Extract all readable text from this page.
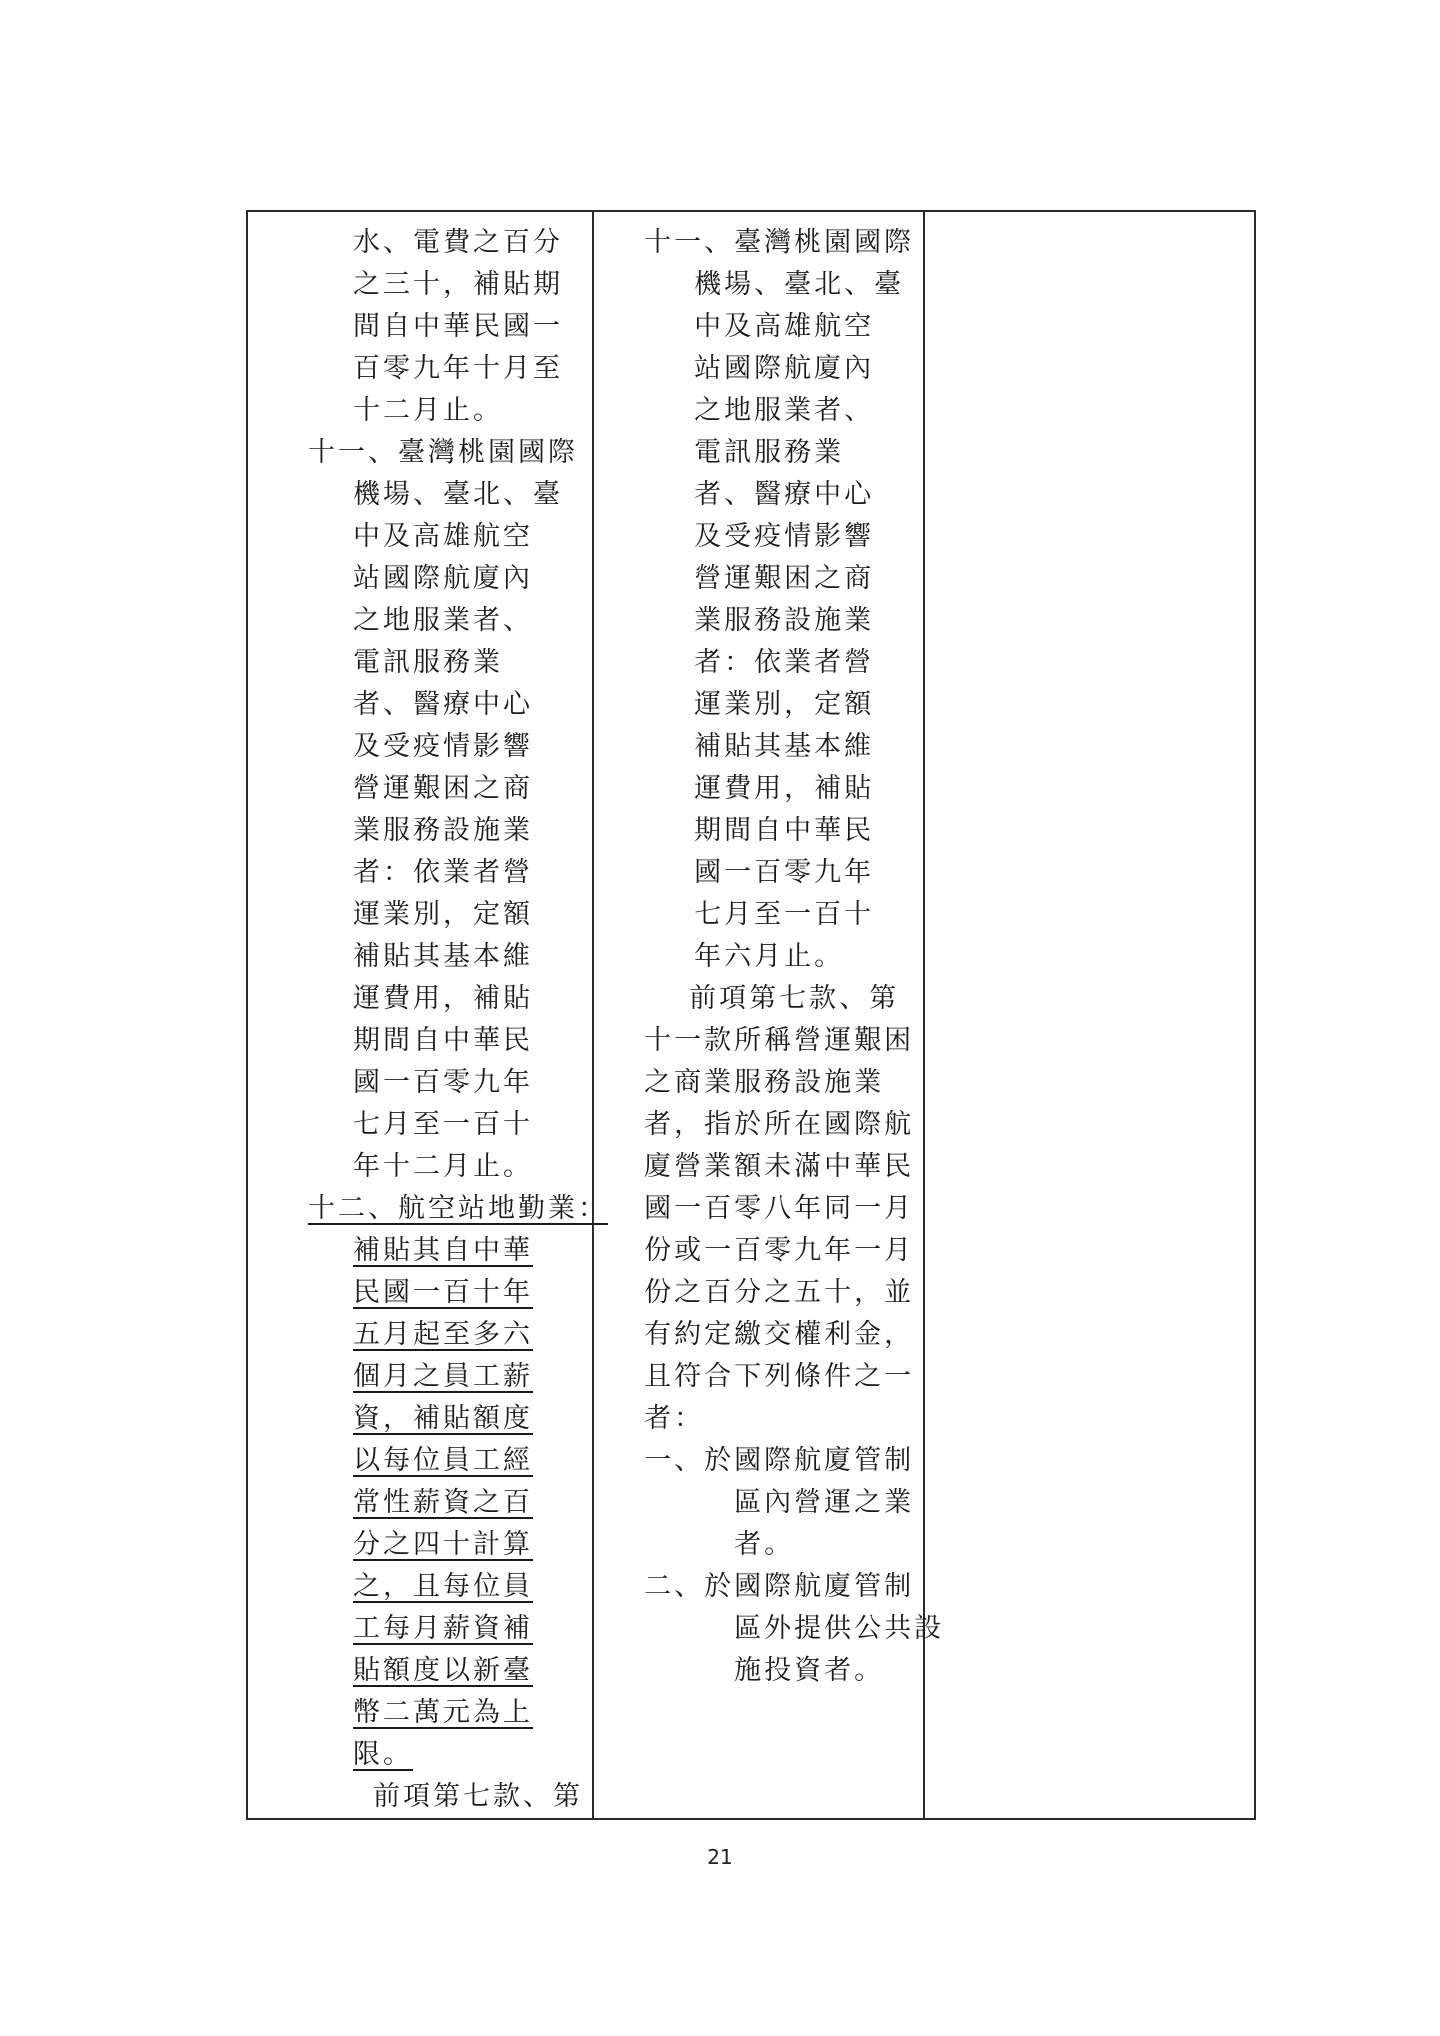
水、電費之百分
之三十，補貼期
間自中華民國一
百零九年十月至
十二月止。
十一、臺灣桃園國際
機場、臺北、臺
中及高雄航空
站國際航廈內
之地服業者、
電訊服務業
者、醫療中心
及受疫情影響
營運艱困之商
業服務設施業
者：依業者營
運業別，定額
補貼其基本維
運費用，補貼
期間自中華民
國一百零九年
七月至一百十
年十二月止。
十二、航空站地勤業：
補貼其自中華
民國一百十年
五月起至多六
個月之員工薪
資，補貼額度
以每位員工經
常性薪資之百
分之四十計算
之，且每位員
工每月薪資補
貼額度以新臺
幣二萬元為上
限。
前項第七款、第

十一、臺灣桃園國際
機場、臺北、臺
中及高雄航空
站國際航廈內
之地服業者、
電訊服務業
者、醫療中心
及受疫情影響
營運艱困之商
業服務設施業
者：依業者營
運業別，定額
補貼其基本維
運費用，補貼
期間自中華民
國一百零九年
七月至一百十
年六月止。
前項第七款、第
十一款所稱營運艱困
之商業服務設施業
者，指於所在國際航
廈營業額未滿中華民
國一百零八年同一月
份或一百零九年一月
份之百分之五十，並
有約定繳交權利金，
且符合下列條件之一
者：
一、於國際航廈管制
區內營運之業
者。
二、於國際航廈管制
區外提供公共設
施投資者。

21
